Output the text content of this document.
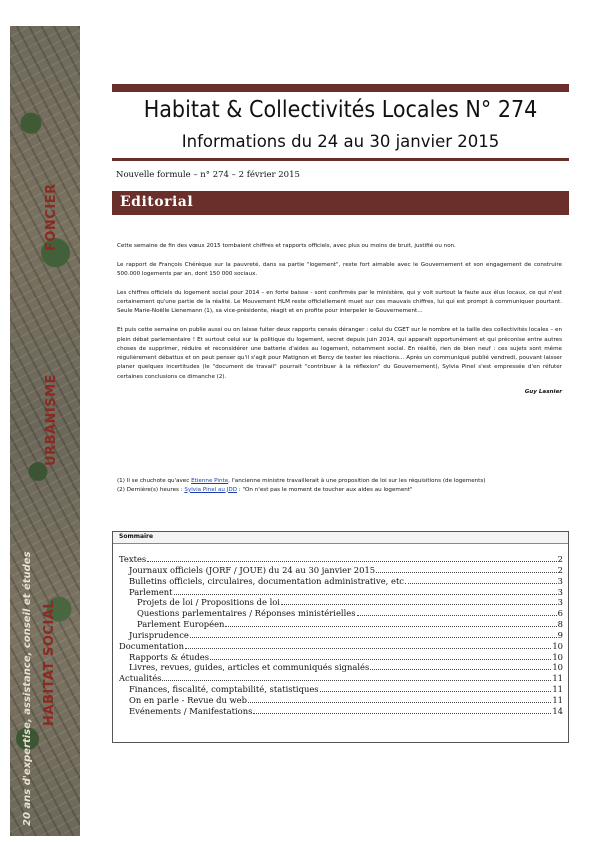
FONCIER
URBANISME
HABITAT SOCIAL
20 ans d'expertise, assistance, conseil et études
Habitat & Collectivités Locales N° 274
Informations du 24 au 30 janvier 2015
Nouvelle formule – n° 274 – 2 février 2015
Editorial

Cette semaine de fin des vœux 2015 tombaient chiffres et rapports officiels, avec plus ou moins de bruit, justifié ou non.

Le rapport de François Chérèque sur la pauvreté, dans sa partie "logement", reste fort aimable avec le Gouvernement et son engagement de construire 500.000 logements par an, dont 150 000 sociaux.

Les chiffres officiels du logement social pour 2014 – en forte baisse - sont confirmés par le ministère, qui y voit surtout la faute aux élus locaux, ce qui n'est certainement qu'une partie de la réalité. Le Mouvement HLM reste officiellement muet sur ces mauvais chiffres, lui qui est prompt à communiquer pourtant. Seule Marie-Noëlle Lienemann (1), sa vice-présidente, réagit et en profite pour interpeler le Gouvernement...

Et puis cette semaine on publie aussi ou on laisse fuiter deux rapports censés déranger : celui du CGET sur le nombre et la taille des collectivités locales – en plein débat parlementaire ! Et surtout celui sur la politique du logement, secret depuis juin 2014, qui apparaît opportunément et qui préconise entre autres choses de supprimer, réduire et reconsidérer une batterie d'aides au logement, notamment social. En réalité, rien de bien neuf : ces sujets sont même régulièrement débattus et on peut penser qu'il s'agit pour Matignon et Bercy de tester les réactions... Après un communiqué publié vendredi, pouvant laisser planer quelques incertitudes (le "document de travail" pourrait "contribuer à la réflexion" du Gouvernement), Sylvia Pinel s'est empressée d'en réfuter certaines conclusions ce dimanche (2).

Guy Lasnier

(1) Il se chuchote qu'avec Etienne Pinte, l'ancienne ministre travaillerait à une proposition de loi sur les réquisitions (de logements)

(2) Dernière(s) heures : Sylvia Pinel au JDD : "On n'est pas le moment de toucher aux aides au logement"

Sommaire
Textes	2
Journaux officiels (JORF / JOUE) du 24 au 30 janvier 2015	2
Bulletins officiels, circulaires, documentation administrative, etc.	3
Parlement	3
Projets de loi / Propositions de loi	3
Questions parlementaires / Réponses ministérielles	6
Parlement Européen	8
Jurisprudence	9
Documentation	10
Rapports & études	10
Livres, revues, guides, articles et communiqués signalés	10
Actualités	11
Finances, fiscalité, comptabilité, statistiques	11
On en parle - Revue du web	11
Evénements / Manifestations	14
